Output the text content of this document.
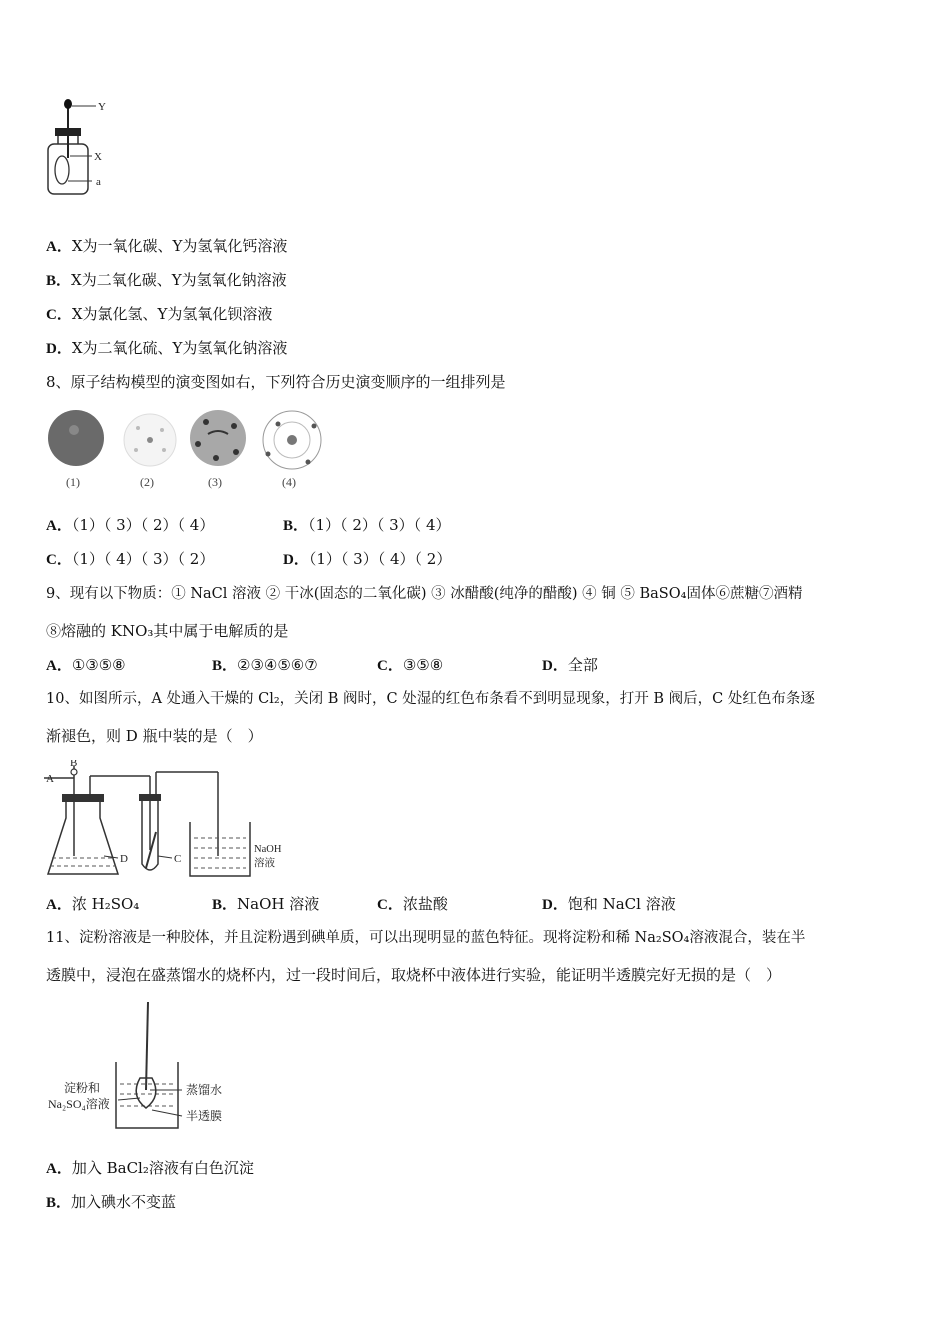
Y
X
a
A．X为一氧化碳、Y为氢氧化钙溶液
B．X为二氧化碳、Y为氢氧化钠溶液
C．X为氯化氢、Y为氢氧化钡溶液
D．X为二氧化硫、Y为氢氧化钠溶液
8、原子结构模型的演变图如右，下列符合历史演变顺序的一组排列是
(1)	(2)	(3)	(4)
A．（1）（ 3）（ 2）（ 4）	B．（1）（ 2）（ 3）（ 4）
C．（1）（ 4）（ 3）（ 2）	D．（1）（ 3）（ 4）（ 2）
9、现有以下物质：① NaCl 溶液 ② 干冰(固态的二氧化碳) ③ 冰醋酸(纯净的醋酸) ④ 铜 ⑤ BaSO₄固体⑥蔗糖⑦酒精
⑧熔融的 KNO₃其中属于电解质的是
A．①③⑤⑧	B．②③④⑤⑥⑦	C．③⑤⑧	D．全部
10、如图所示，A 处通入干燥的 Cl₂，关闭 B 阀时，C 处湿的红色布条看不到明显现象，打开 B 阀后，C 处红色布条逐
渐褪色，则 D 瓶中装的是（　）
A
B
D	C
NaOH
溶液
A．浓 H₂SO₄	B．NaOH 溶液	C．浓盐酸	D．饱和 NaCl 溶液
11、淀粉溶液是一种胶体，并且淀粉遇到碘单质，可以出现明显的蓝色特征。现将淀粉和稀 Na₂SO₄溶液混合，装在半
透膜中，浸泡在盛蒸馏水的烧杯内，过一段时间后，取烧杯中液体进行实验，能证明半透膜完好无损的是（　）
淀粉和
Na₂SO₄溶液
蒸馏水
半透膜
A．加入 BaCl₂溶液有白色沉淀
B．加入碘水不变蓝
